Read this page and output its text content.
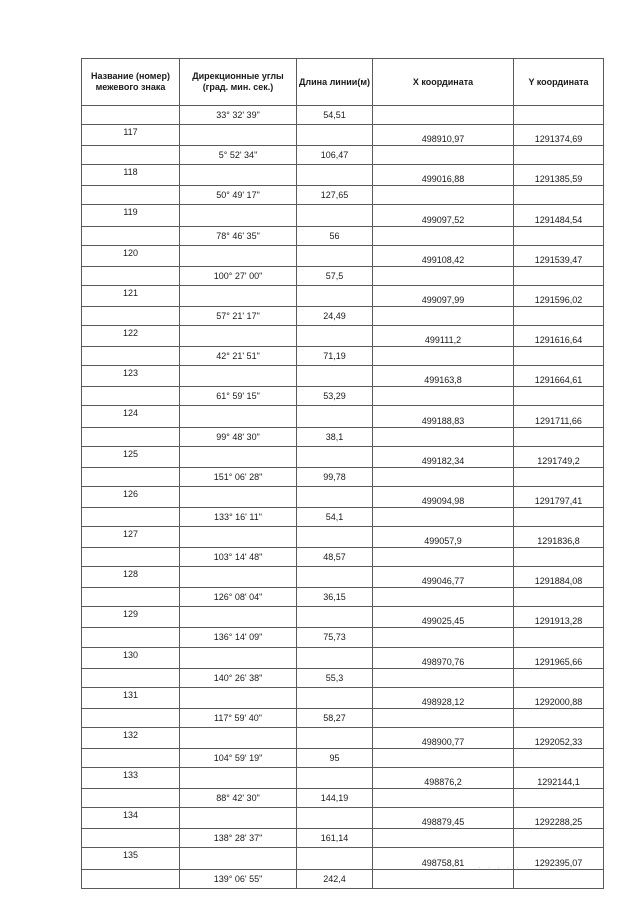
Название (номер) межевого знака	Дирекционные углы (град. мин. сек.)	Длина линии(м)	X координата	Y координата
	33° 32' 39"	54,51		
117			498910,97	1291374,69
	5° 52' 34"	106,47		
118			499016,88	1291385,59
	50° 49' 17"	127,65		
119			499097,52	1291484,54
	78° 46' 35"	56		
120			499108,42	1291539,47
	100° 27' 00"	57,5		
121			499097,99	1291596,02
	57° 21' 17"	24,49		
122			499111,2	1291616,64
	42° 21' 51"	71,19		
123			499163,8	1291664,61
	61° 59' 15"	53,29		
124			499188,83	1291711,66
	99° 48' 30"	38,1		
125			499182,34	1291749,2
	151° 06' 28"	99,78		
126			499094,98	1291797,41
	133° 16' 11"	54,1		
127			499057,9	1291836,8
	103° 14' 48"	48,57		
128			499046,77	1291884,08
	126° 08' 04"	36,15		
129			499025,45	1291913,28
	136° 14' 09"	75,73		
130			498970,76	1291965,66
	140° 26' 38"	55,3		
131			498928,12	1292000,88
	117° 59' 40"	58,27		
132			498900,77	1292052,33
	104° 59' 19"	95		
133			498876,2	1292144,1
	88° 42' 30"	144,19		
134			498879,45	1292288,25
	138° 28' 37"	161,14		
135			498758,81	1292395,07
	139° 06' 55"	242,4		
· · · · ·
